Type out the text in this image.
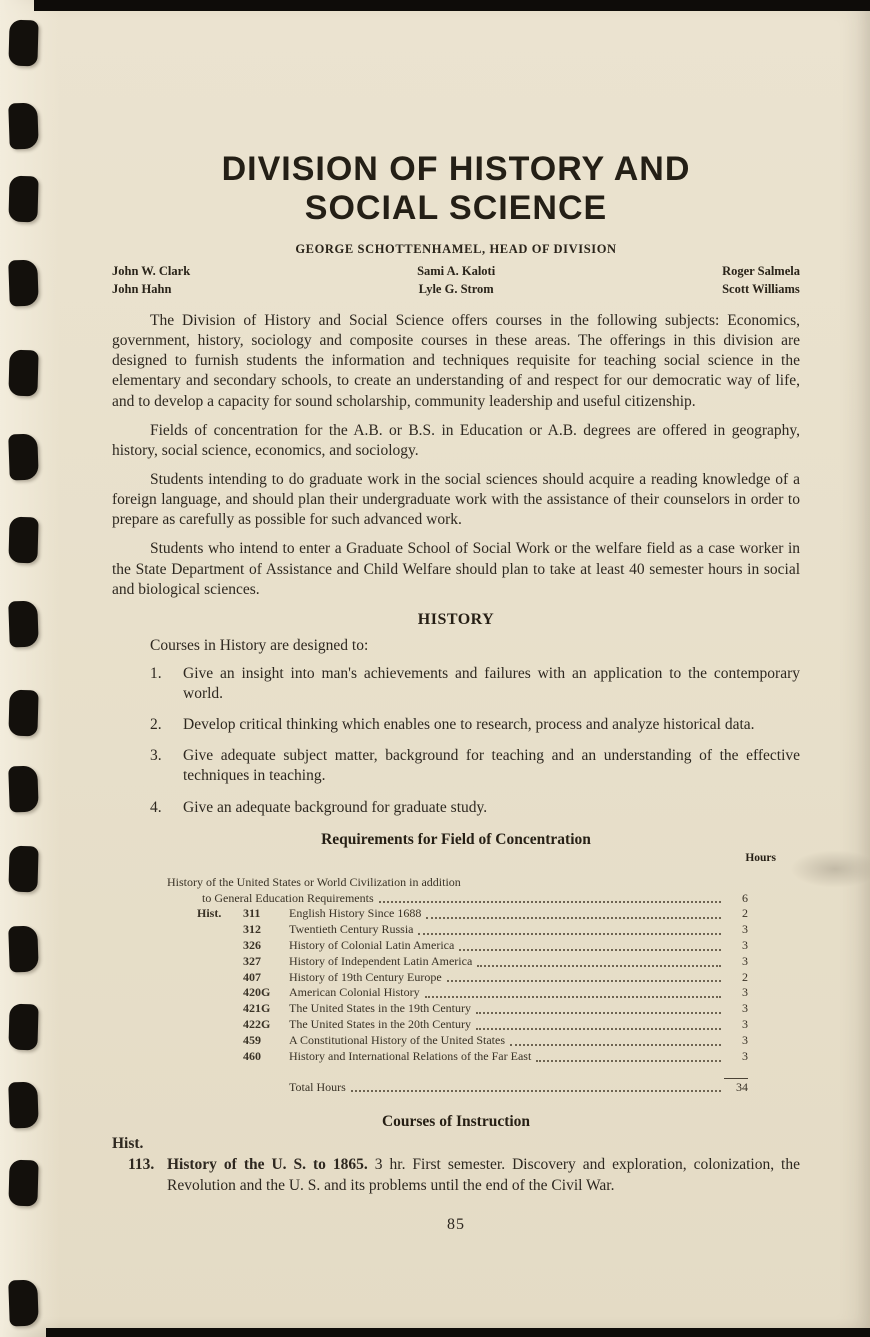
DIVISION OF HISTORY AND
SOCIAL SCIENCE
GEORGE SCHOTTENHAMEL, HEAD OF DIVISION
John W. Clark
John Hahn
Sami A. Kaloti
Lyle G. Strom
Roger Salmela
Scott Williams

The Division of History and Social Science offers courses in the following subjects: Economics, government, history, sociology and composite courses in these areas. The offerings in this division are designed to furnish students the information and techniques requisite for teaching social science in the elementary and secondary schools, to create an understanding of and respect for our democratic way of life, and to develop a capacity for sound scholarship, community leadership and useful citizenship.

Fields of concentration for the A.B. or B.S. in Education or A.B. degrees are offered in geography, history, social science, economics, and sociology.

Students intending to do graduate work in the social sciences should acquire a reading knowledge of a foreign language, and should plan their undergraduate work with the assistance of their counselors in order to prepare as carefully as possible for such advanced work.

Students who intend to enter a Graduate School of Social Work or the welfare field as a case worker in the State Department of Assistance and Child Welfare should plan to take at least 40 semester hours in social and biological sciences.

HISTORY
Courses in History are designed to:
1.	Give an insight into man's achievements and failures with an application to the contemporary world.
2.	Develop critical thinking which enables one to research, process and analyze historical data.
3.	Give adequate subject matter, background for teaching and an understanding of the effective techniques in teaching.
4.	Give an adequate background for graduate study.
Requirements for Field of Concentration
Hours
History of the United States or World Civilization in addition
to General Education Requirements	6
Hist.	311	English History Since 1688	2
312	Twentieth Century Russia	3
326	History of Colonial Latin America	3
327	History of Independent Latin America	3
407	History of 19th Century Europe	2
420G	American Colonial History	3
421G	The United States in the 19th Century	3
422G	The United States in the 20th Century	3
459	A Constitutional History of the United States	3
460	History and International Relations of the Far East	3
Total Hours	34
Courses of Instruction
Hist.
113. History of the U. S. to 1865. 3 hr. First semester. Discovery and exploration, colonization, the Revolution and the U. S. and its problems until the end of the Civil War.
85
